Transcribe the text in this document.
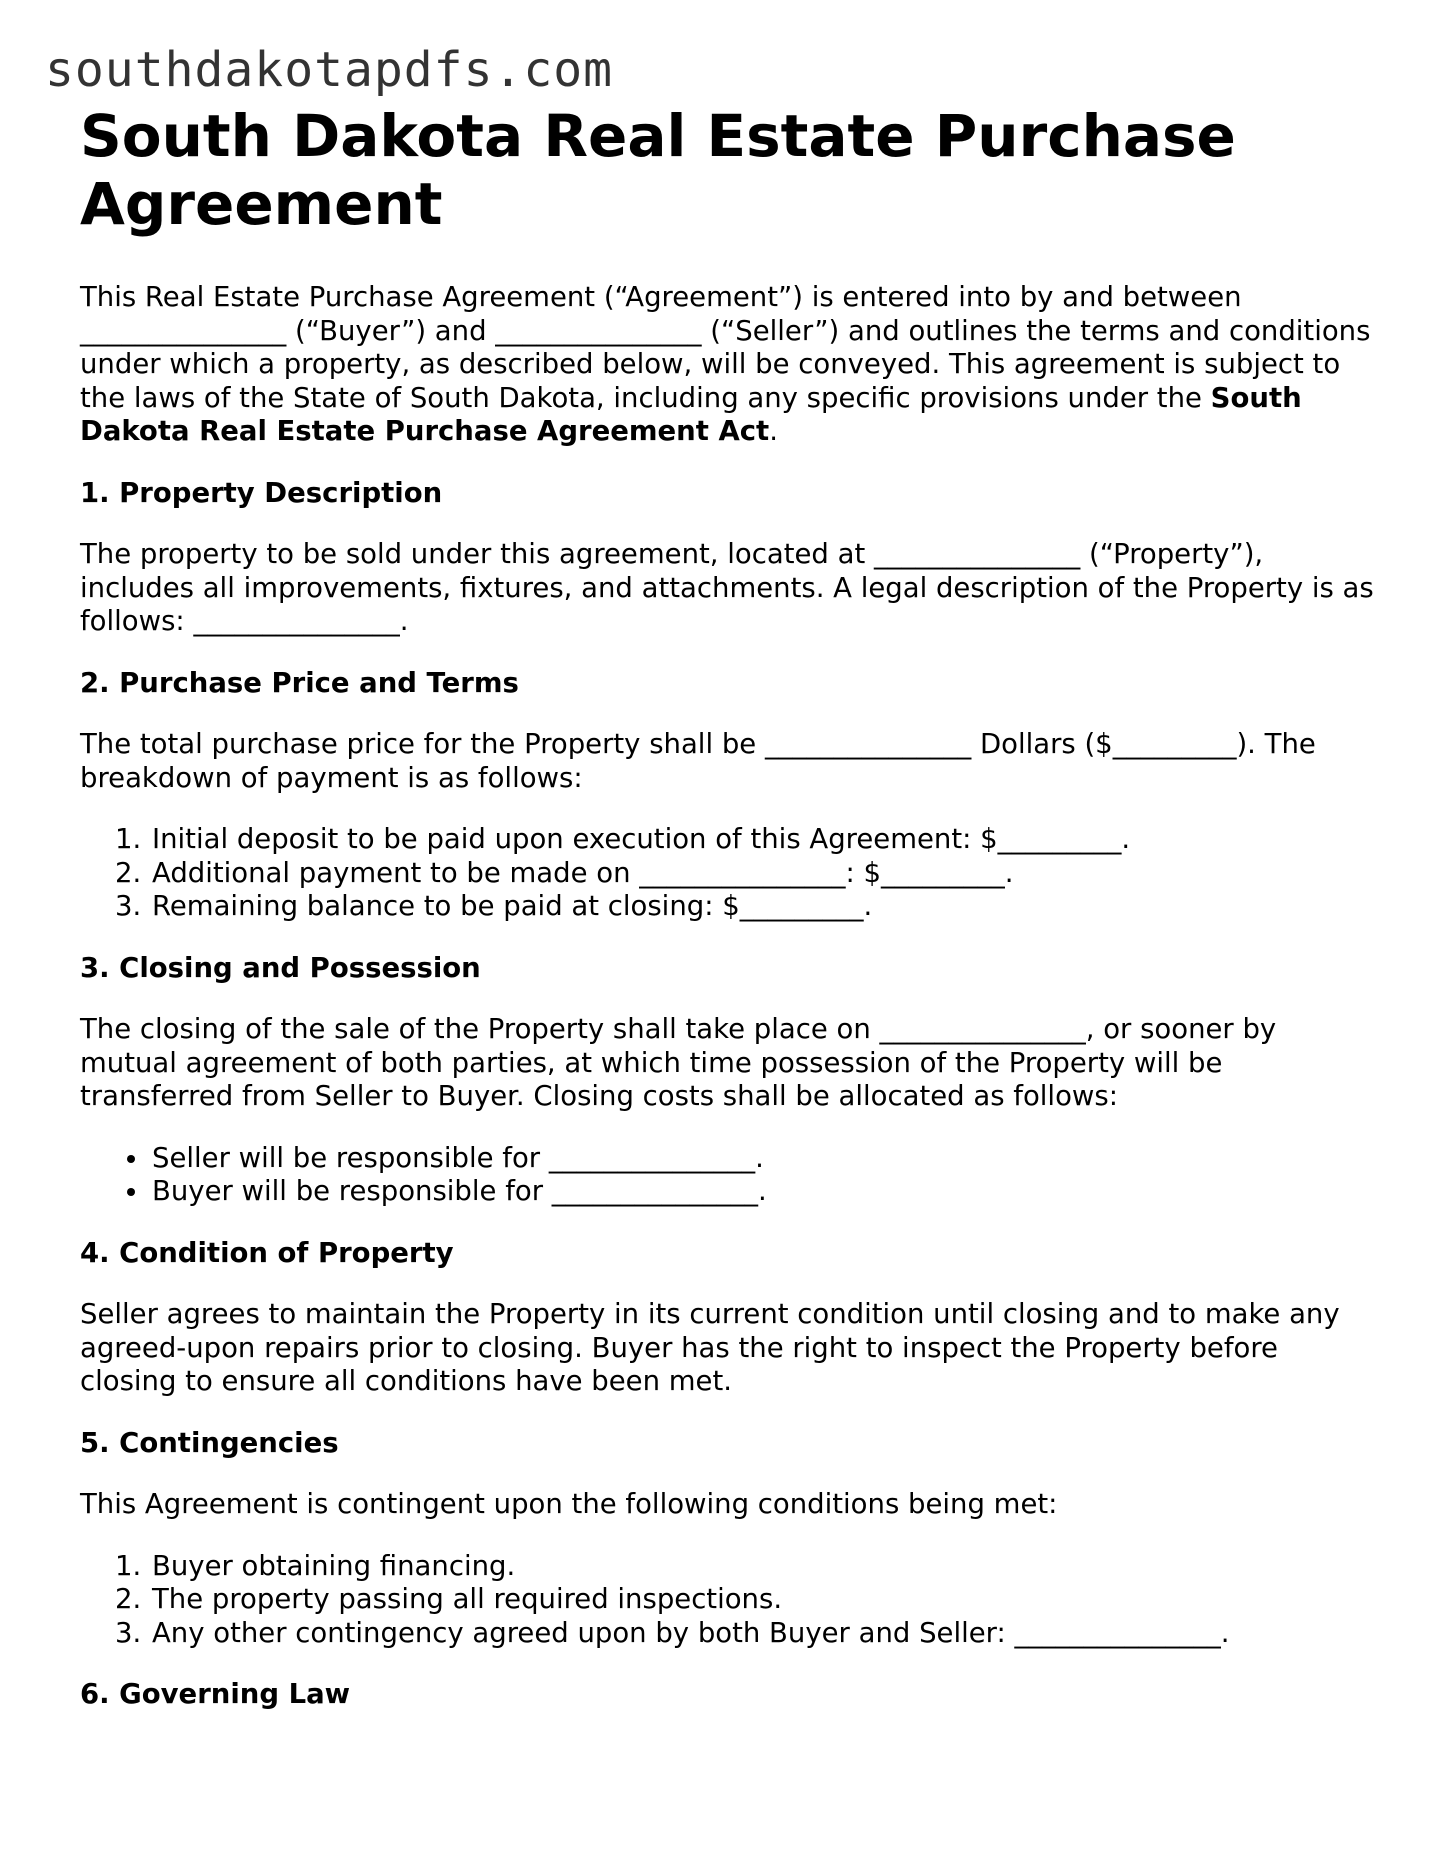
southdakotapdfs.com
South Dakota Real Estate Purchase Agreement

This Real Estate Purchase Agreement (“Agreement”) is entered into by and between _______________ (“Buyer”) and _______________ (“Seller”) and outlines the terms and conditions under which a property, as described below, will be conveyed. This agreement is subject to the laws of the State of South Dakota, including any specific provisions under the South Dakota Real Estate Purchase Agreement Act.

1. Property Description

The property to be sold under this agreement, located at _______________ (“Property”), includes all improvements, fixtures, and attachments. A legal description of the Property is as follows: _______________.

2. Purchase Price and Terms

The total purchase price for the Property shall be _______________ Dollars ($_________). The breakdown of payment is as follows:

1. Initial deposit to be paid upon execution of this Agreement: $_________.
2. Additional payment to be made on _______________: $_________.
3. Remaining balance to be paid at closing: $_________.
3. Closing and Possession

The closing of the sale of the Property shall take place on _______________, or sooner by mutual agreement of both parties, at which time possession of the Property will be transferred from Seller to Buyer. Closing costs shall be allocated as follows:

• Seller will be responsible for _______________.
• Buyer will be responsible for _______________.
4. Condition of Property

Seller agrees to maintain the Property in its current condition until closing and to make any agreed-upon repairs prior to closing. Buyer has the right to inspect the Property before closing to ensure all conditions have been met.

5. Contingencies

This Agreement is contingent upon the following conditions being met:

1. Buyer obtaining financing.
2. The property passing all required inspections.
3. Any other contingency agreed upon by both Buyer and Seller: _______________.
6. Governing Law
